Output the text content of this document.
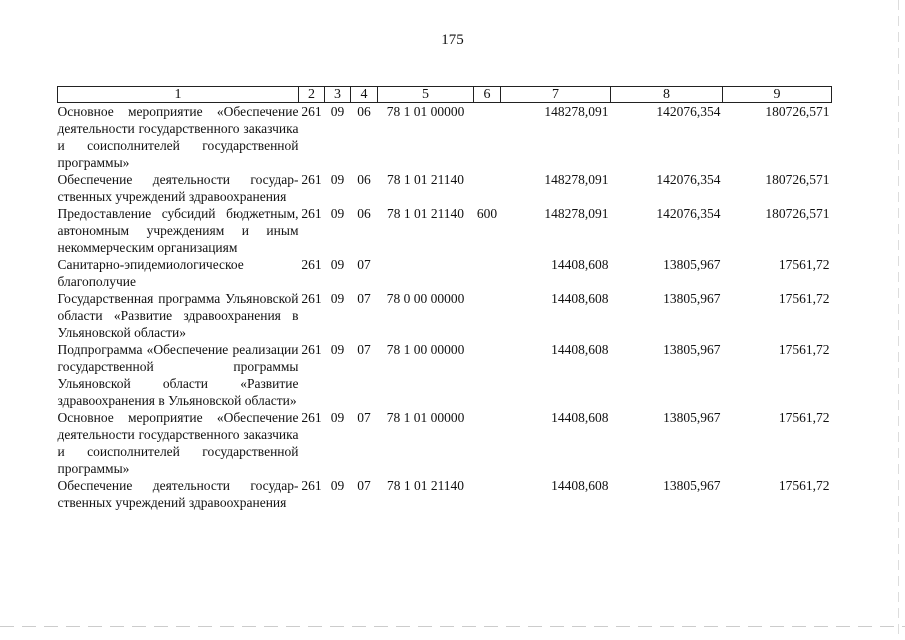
175
1	2	3	4	5	6	7	8	9
Основное мероприятие «Обеспечение деятельности государственного заказчика и соисполнителей государственной программы»	261	09	06	78 1 01 00000		148278,091	142076,354	180726,571
Обеспечение деятельности государственных учреждений здравоохранения	261	09	06	78 1 01 21140		148278,091	142076,354	180726,571
Предоставление субсидий бюджетным, автономным учреждениям и иным некоммерческим организациям	261	09	06	78 1 01 21140	600	148278,091	142076,354	180726,571
Санитарно-эпидемиологическое благополучие	261	09	07			14408,608	13805,967	17561,72
Государственная программа Ульяновской области «Развитие здравоохранения в Ульяновской области»	261	09	07	78 0 00 00000		14408,608	13805,967	17561,72
Подпрограмма «Обеспечение реализации государственной программы Ульяновской области «Развитие здравоохранения в Ульяновской области»	261	09	07	78 1 00 00000		14408,608	13805,967	17561,72
Основное мероприятие «Обеспечение деятельности государственного заказчика и соисполнителей государственной программы»	261	09	07	78 1 01 00000		14408,608	13805,967	17561,72
Обеспечение деятельности государственных учреждений здравоохранения	261	09	07	78 1 01 21140		14408,608	13805,967	17561,72
